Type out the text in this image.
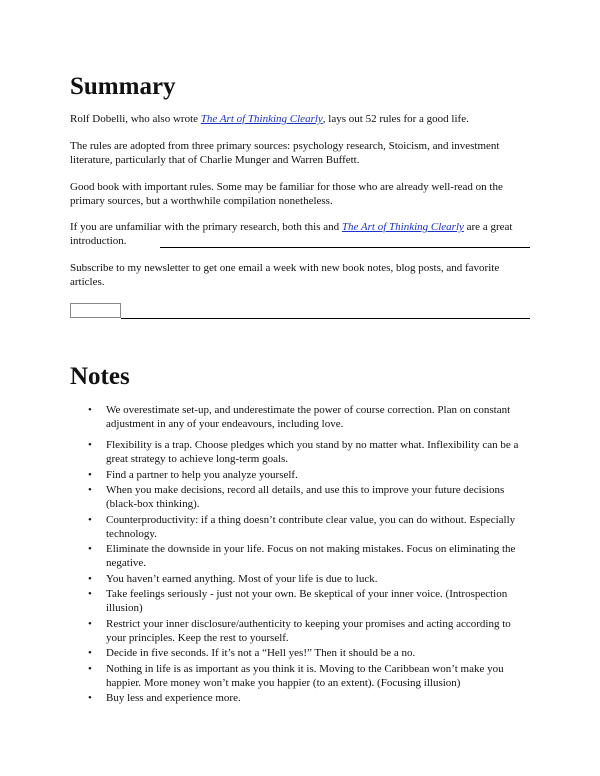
Summary

Rolf Dobelli, who also wrote The Art of Thinking Clearly, lays out 52 rules for a good life.

The rules are adopted from three primary sources: psychology research, Stoicism, and investment literature, particularly that of Charlie Munger and Warren Buffett.

Good book with important rules. Some may be familiar for those who are already well-read on the primary sources, but a worthwhile compilation nonetheless.

If you are unfamiliar with the primary research, both this and The Art of Thinking Clearly are a great introduction.

Subscribe to my newsletter to get one email a week with new book notes, blog posts, and favorite articles.

Notes
• We overestimate set-up, and underestimate the power of course correction. Plan on constant adjustment in any of your endeavours, including love.
• Flexibility is a trap. Choose pledges which you stand by no matter what. Inflexibility can be a great strategy to achieve long-term goals.
• Find a partner to help you analyze yourself.
• When you make decisions, record all details, and use this to improve your future decisions (black-box thinking).
• Counterproductivity: if a thing doesn’t contribute clear value, you can do without. Especially technology.
• Eliminate the downside in your life. Focus on not making mistakes. Focus on eliminating the negative.
• You haven’t earned anything. Most of your life is due to luck.
• Take feelings seriously - just not your own. Be skeptical of your inner voice. (Introspection illusion)
• Restrict your inner disclosure/authenticity to keeping your promises and acting according to your principles. Keep the rest to yourself.
• Decide in five seconds. If it’s not a “Hell yes!” Then it should be a no.
• Nothing in life is as important as you think it is. Moving to the Caribbean won’t make you happier. More money won’t make you happier (to an extent). (Focusing illusion)
• Buy less and experience more.
